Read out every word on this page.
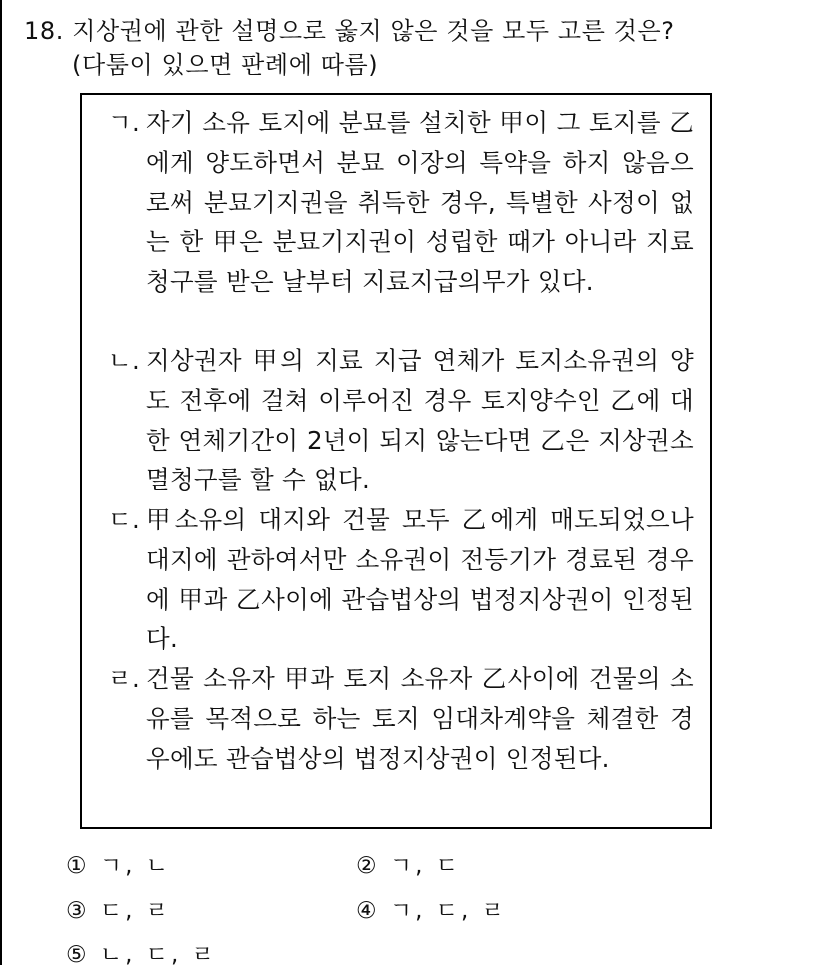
18. 지상권에 관한 설명으로 옳지 않은 것을 모두 고른 것은?
(다툼이 있으면 판례에 따름)
ㄱ. 자기 소유 토지에 분묘를 설치한 甲이 그 토지를 乙에게 양도하면서 분묘 이장의 특약을 하지 않음으로써 분묘기지권을 취득한 경우, 특별한 사정이 없는 한 甲은 분묘기지권이 성립한 때가 아니라 지료청구를 받은 날부터 지료지급의무가 있다.
ㄴ. 지상권자 甲의 지료 지급 연체가 토지소유권의 양도 전후에 걸쳐 이루어진 경우 토지양수인 乙에 대한 연체기간이 2년이 되지 않는다면 乙은 지상권소멸청구를 할 수 없다.
ㄷ. 甲소유의 대지와 건물 모두 乙에게 매도되었으나 대지에 관하여서만 소유권이 전등기가 경료된 경우에 甲과 乙사이에 관습법상의 법정지상권이 인정된다.
ㄹ. 건물 소유자 甲과 토지 소유자 乙사이에 건물의 소유를 목적으로 하는 토지 임대차계약을 체결한 경우에도 관습법상의 법정지상권이 인정된다.
① ㄱ, ㄴ	② ㄱ, ㄷ
③ ㄷ, ㄹ	④ ㄱ, ㄷ, ㄹ
⑤ ㄴ, ㄷ, ㄹ
